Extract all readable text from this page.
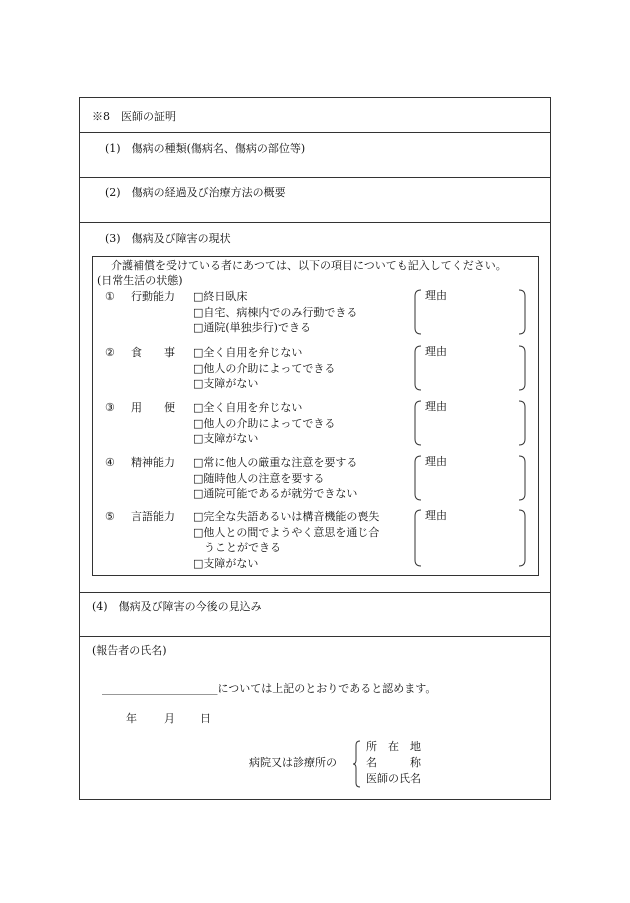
※8　医師の証明
(1)　傷病の種類(傷病名、傷病の部位等)
(2)　傷病の経過及び治療方法の概要
(3)　傷病及び障害の現状
介護補償を受けている者にあつては、以下の項目についても記入してください。
(日常生活の状態)
① 行動能力 □終日臥床
□自宅、病棟内でのみ行動できる
□通院(単独歩行)できる
理由
② 食　　事 □全く自用を弁じない
□他人の介助によってできる
□支障がない
理由
③ 用　　便 □全く自用を弁じない
□他人の介助によってできる
□支障がない
理由
④ 精神能力 □常に他人の厳重な注意を要する
□随時他人の注意を要する
□通院可能であるが就労できない
理由
⑤ 言語能力 □完全な失語あるいは構音機能の喪失
□他人との間でようやく意思を通じ合
うことができる
□支障がない
理由
(4)　傷病及び障害の今後の見込み
(報告者の氏名)
_____________________については上記のとおりであると認めます。
年 月 日
病院又は診療所の
所　在　地
名　　　称
医師の氏名
